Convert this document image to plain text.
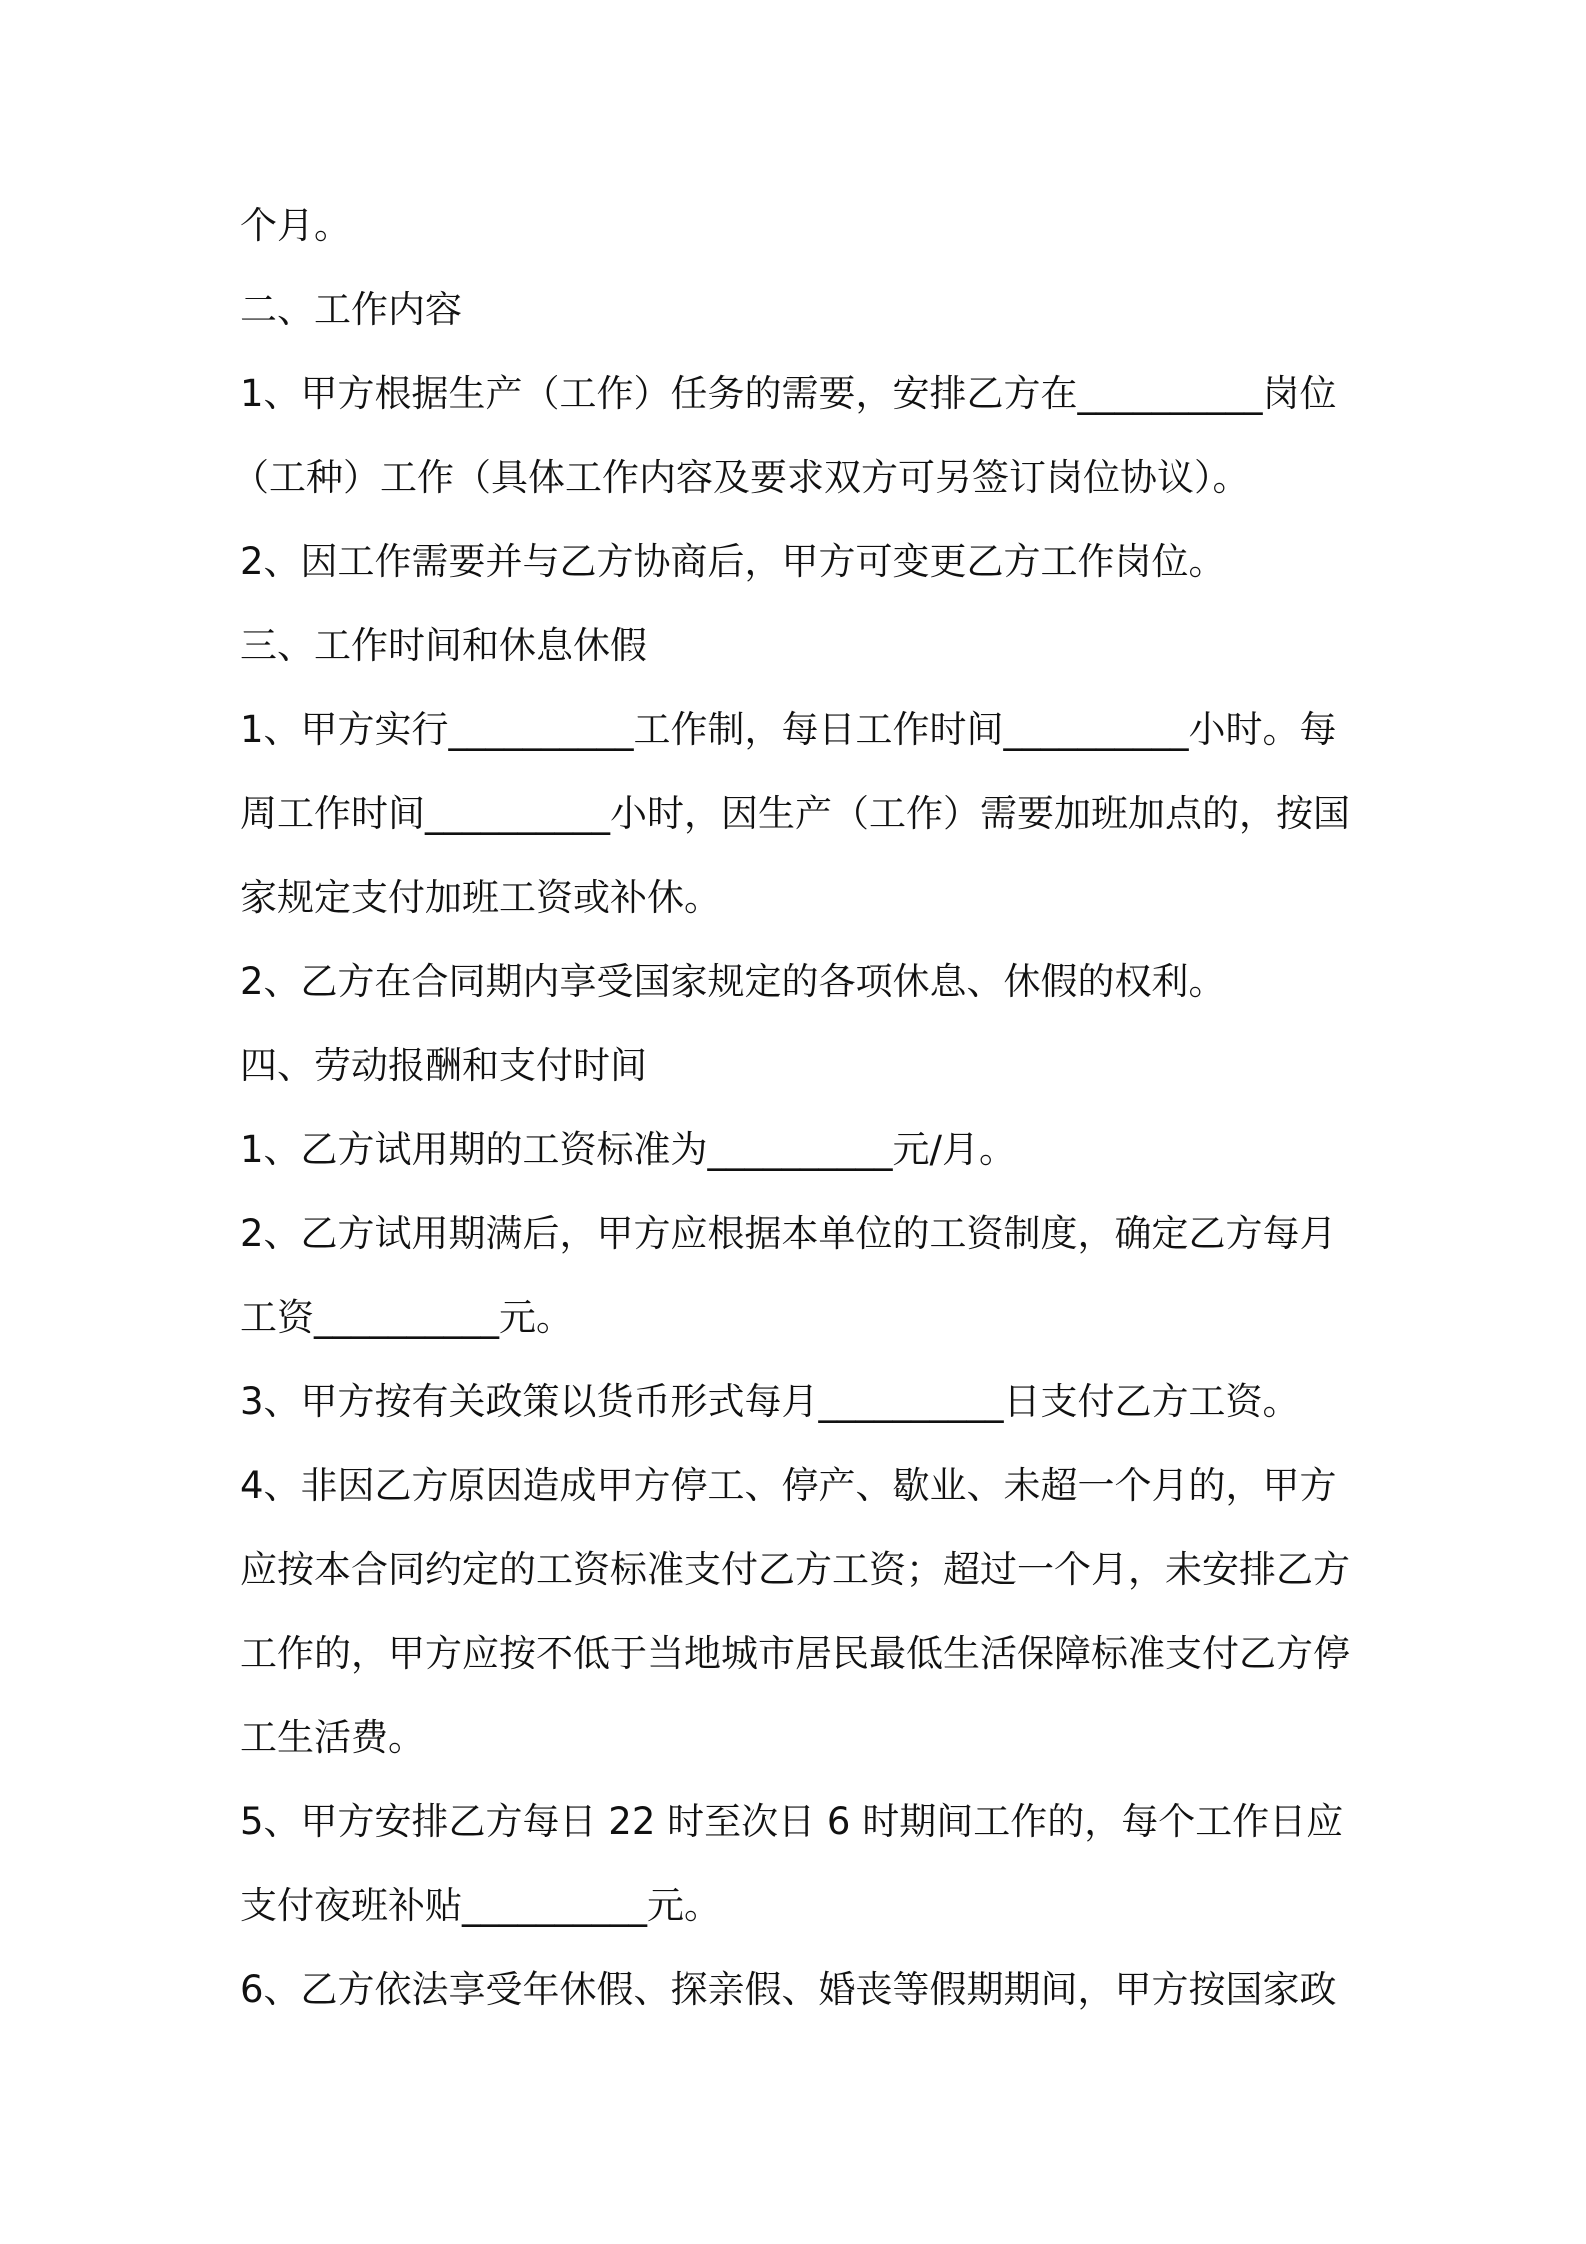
个月。
二、工作内容
1、甲方根据生产（工作）任务的需要，安排乙方在__________岗位
（工种）工作（具体工作内容及要求双方可另签订岗位协议）。
2、因工作需要并与乙方协商后，甲方可变更乙方工作岗位。
三、工作时间和休息休假
1、甲方实行__________工作制，每日工作时间__________小时。每
周工作时间__________小时，因生产（工作）需要加班加点的，按国
家规定支付加班工资或补休。
2、乙方在合同期内享受国家规定的各项休息、休假的权利。
四、劳动报酬和支付时间
1、乙方试用期的工资标准为__________元/月。
2、乙方试用期满后，甲方应根据本单位的工资制度，确定乙方每月
工资__________元。
3、甲方按有关政策以货币形式每月__________日支付乙方工资。
4、非因乙方原因造成甲方停工、停产、歇业、未超一个月的，甲方
应按本合同约定的工资标准支付乙方工资；超过一个月，未安排乙方
工作的，甲方应按不低于当地城市居民最低生活保障标准支付乙方停
工生活费。
5、甲方安排乙方每日 22 时至次日 6 时期间工作的，每个工作日应
支付夜班补贴__________元。
6、乙方依法享受年休假、探亲假、婚丧等假期期间，甲方按国家政
